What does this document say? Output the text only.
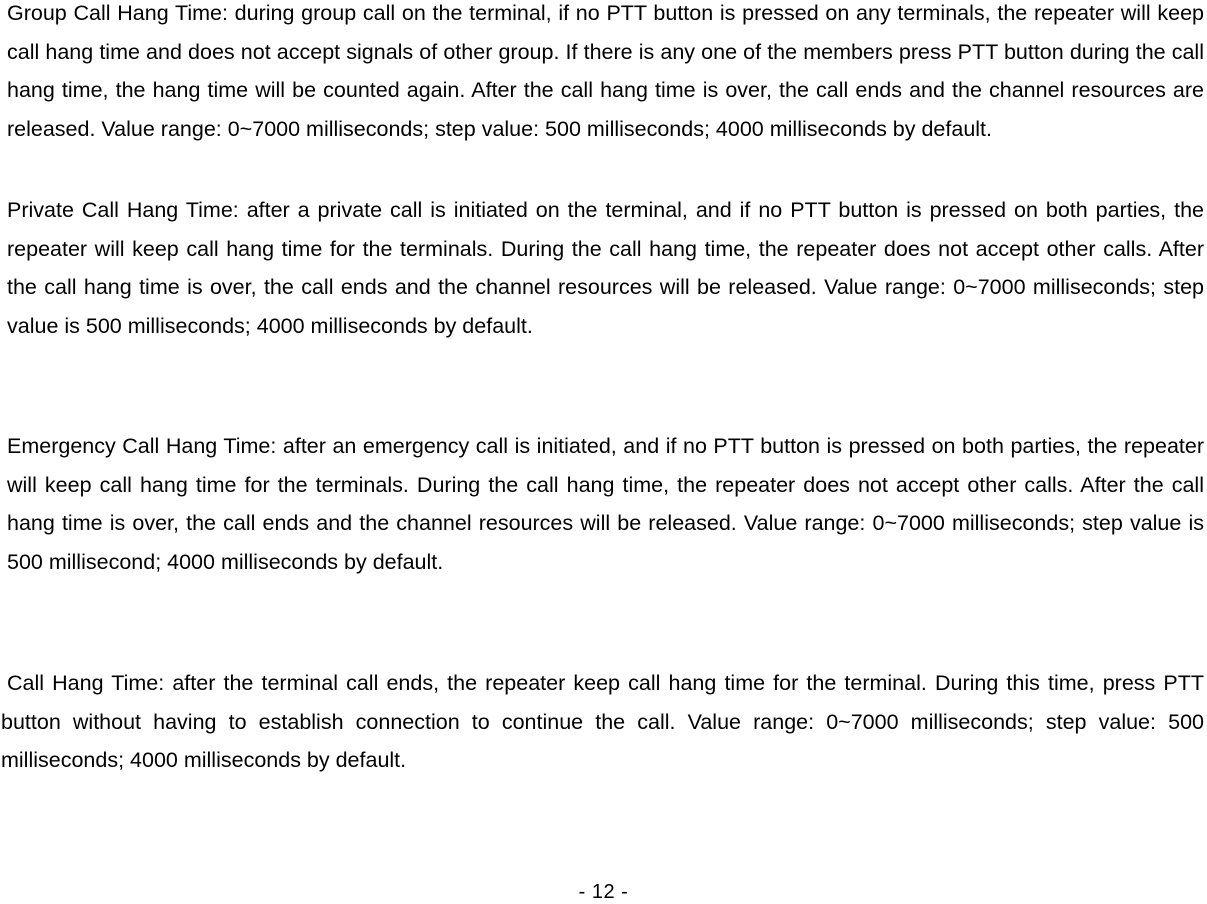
Group Call Hang Time: during group call on the terminal, if no PTT button is pressed on any terminals, the repeater will keep call hang time and does not accept signals of other group. If there is any one of the members press PTT button during the call hang time, the hang time will be counted again. After the call hang time is over, the call ends and the channel resources are released. Value range: 0~7000 milliseconds; step value: 500 milliseconds; 4000 milliseconds by default.

Private Call Hang Time: after a private call is initiated on the terminal, and if no PTT button is pressed on both parties, the repeater will keep call hang time for the terminals. During the call hang time, the repeater does not accept other calls. After the call hang time is over, the call ends and the channel resources will be released. Value range: 0~7000 milliseconds; step value is 500 milliseconds; 4000 milliseconds by default.

Emergency Call Hang Time: after an emergency call is initiated, and if no PTT button is pressed on both parties, the repeater will keep call hang time for the terminals. During the call hang time, the repeater does not accept other calls. After the call hang time is over, the call ends and the channel resources will be released. Value range: 0~7000 milliseconds; step value is 500 millisecond; 4000 milliseconds by default.

Call Hang Time: after the terminal call ends, the repeater keep call hang time for the terminal. During this time, press PTT button without having to establish connection to continue the call. Value range: 0~7000 milliseconds; step value: 500 milliseconds; 4000 milliseconds by default.

- 12 -
